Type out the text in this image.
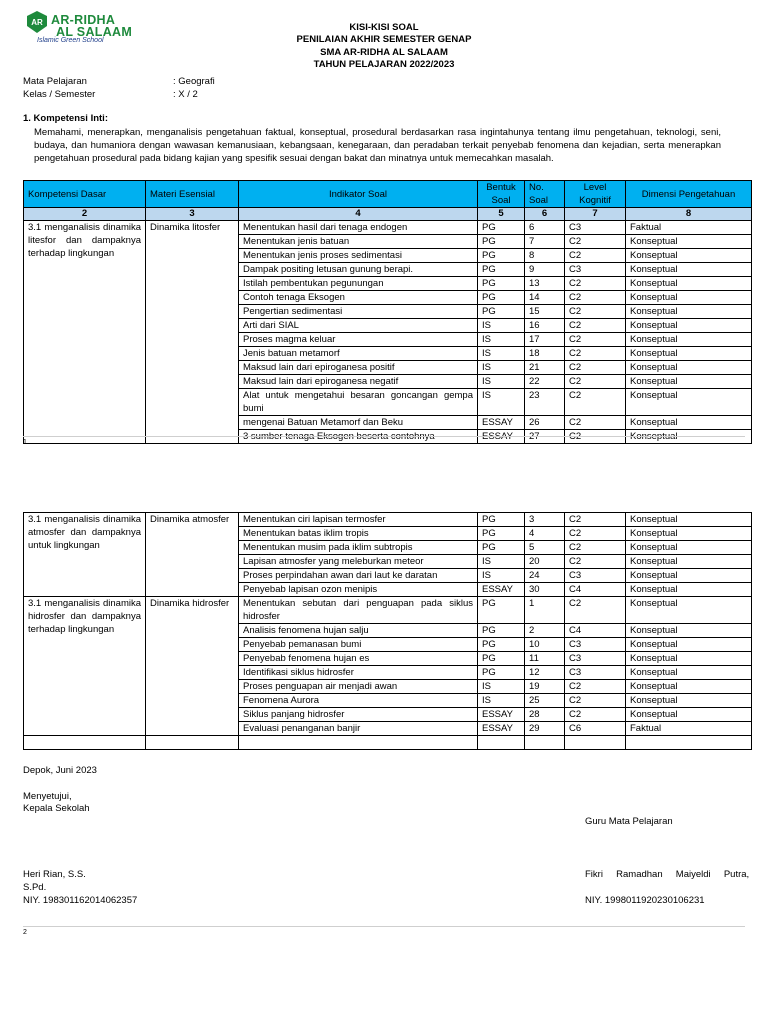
AR AR-RIDHA
AL SALAAM
Islamic Green School
KISI-KISI SOAL
PENILAIAN AKHIR SEMESTER GENAP
SMA AR-RIDHA AL SALAAM
TAHUN PELAJARAN 2022/2023
Mata Pelajaran	: Geografi
Kelas / Semester	: X / 2
1. Kompetensi Inti:
Memahami, menerapkan, menganalisis pengetahuan faktual, konseptual, prosedural berdasarkan rasa ingintahunya tentang ilmu pengetahuan, teknologi, seni, budaya, dan humaniora dengan wawasan kemanusiaan, kebangsaan, kenegaraan, dan peradaban terkait penyebab fenomena dan kejadian, serta menerapkan pengetahuan prosedural pada bidang kajian yang spesifik sesuai dengan bakat dan minatnya untuk memecahkan masalah.
Kompetensi Dasar	Materi Esensial	Indikator Soal	Bentuk Soal	No. Soal	Level Kognitif	Dimensi Pengetahuan
2	3	4	5	6	7	8

3.1 menganalisis dinamika litesfor dan dampaknya terhadap lingkungan	Dinamika litosfer	Menentukan hasil dari tenaga endogen	PG	6	C3	Faktual
		Menentukan jenis batuan	PG	7	C2	Konseptual
		Menentukan jenis proses sedimentasi	PG	8	C2	Konseptual
		Dampak positing letusan gunung berapi.	PG	9	C3	Konseptual
		Istilah pembentukan pegunungan	PG	13	C2	Konseptual
		Contoh tenaga Eksogen	PG	14	C2	Konseptual
		Pengertian sedimentasi	PG	15	C2	Konseptual
		Arti dari SIAL	IS	16	C2	Konseptual
		Proses magma keluar	IS	17	C2	Konseptual
		Jenis batuan metamorf	IS	18	C2	Konseptual
		Maksud lain dari epiroganesa positif	IS	21	C2	Konseptual
		Maksud lain dari epiroganesa negatif	IS	22	C2	Konseptual
		Alat untuk mengetahui besaran goncangan gempa bumi	IS	23	C2	Konseptual
		mengenai Batuan Metamorf dan Beku	ESSAY	26	C2	Konseptual
		3 sumber tenaga Eksogen beserta contohnya	ESSAY	27	C2	Konseptual
1
3.1 menganalisis dinamika atmosfer dan dampaknya untuk lingkungan	Dinamika atmosfer	Menentukan ciri lapisan termosfer	PG	3	C2	Konseptual
		Menentukan batas iklim tropis	PG	4	C2	Konseptual
		Menentukan musim pada iklim subtropis	PG	5	C2	Konseptual
		Lapisan atmosfer yang meleburkan meteor	IS	20	C2	Konseptual
		Proses perpindahan awan dari laut ke daratan	IS	24	C3	Konseptual
		Penyebab lapisan ozon menipis	ESSAY	30	C4	Konseptual

3.1 menganalisis dinamika hidrosfer dan dampaknya terhadap lingkungan	Dinamika hidrosfer	Menentukan sebutan dari penguapan pada siklus hidrosfer	PG	1	C2	Konseptual
		Analisis fenomena hujan salju	PG	2	C4	Konseptual
		Penyebab pemanasan bumi	PG	10	C3	Konseptual
		Penyebab fenomena hujan es	PG	11	C3	Konseptual
		Identifikasi siklus hidrosfer	PG	12	C3	Konseptual
		Proses penguapan air menjadi awan	IS	19	C2	Konseptual
		Fenomena Aurora	IS	25	C2	Konseptual
		Siklus panjang hidrosfer	ESSAY	28	C2	Konseptual
		Evaluasi penanganan banjir	ESSAY	29	C6	Faktual

Depok, Juni 2023
Menyetujui,
Kepala Sekolah
Guru Mata Pelajaran
Heri Rian, S.S.
S.Pd.
NIY. 198301162014062357
Fikri     Ramadhan     Maiyeldi     Putra,
NIY. 199801192023010623​1
2
